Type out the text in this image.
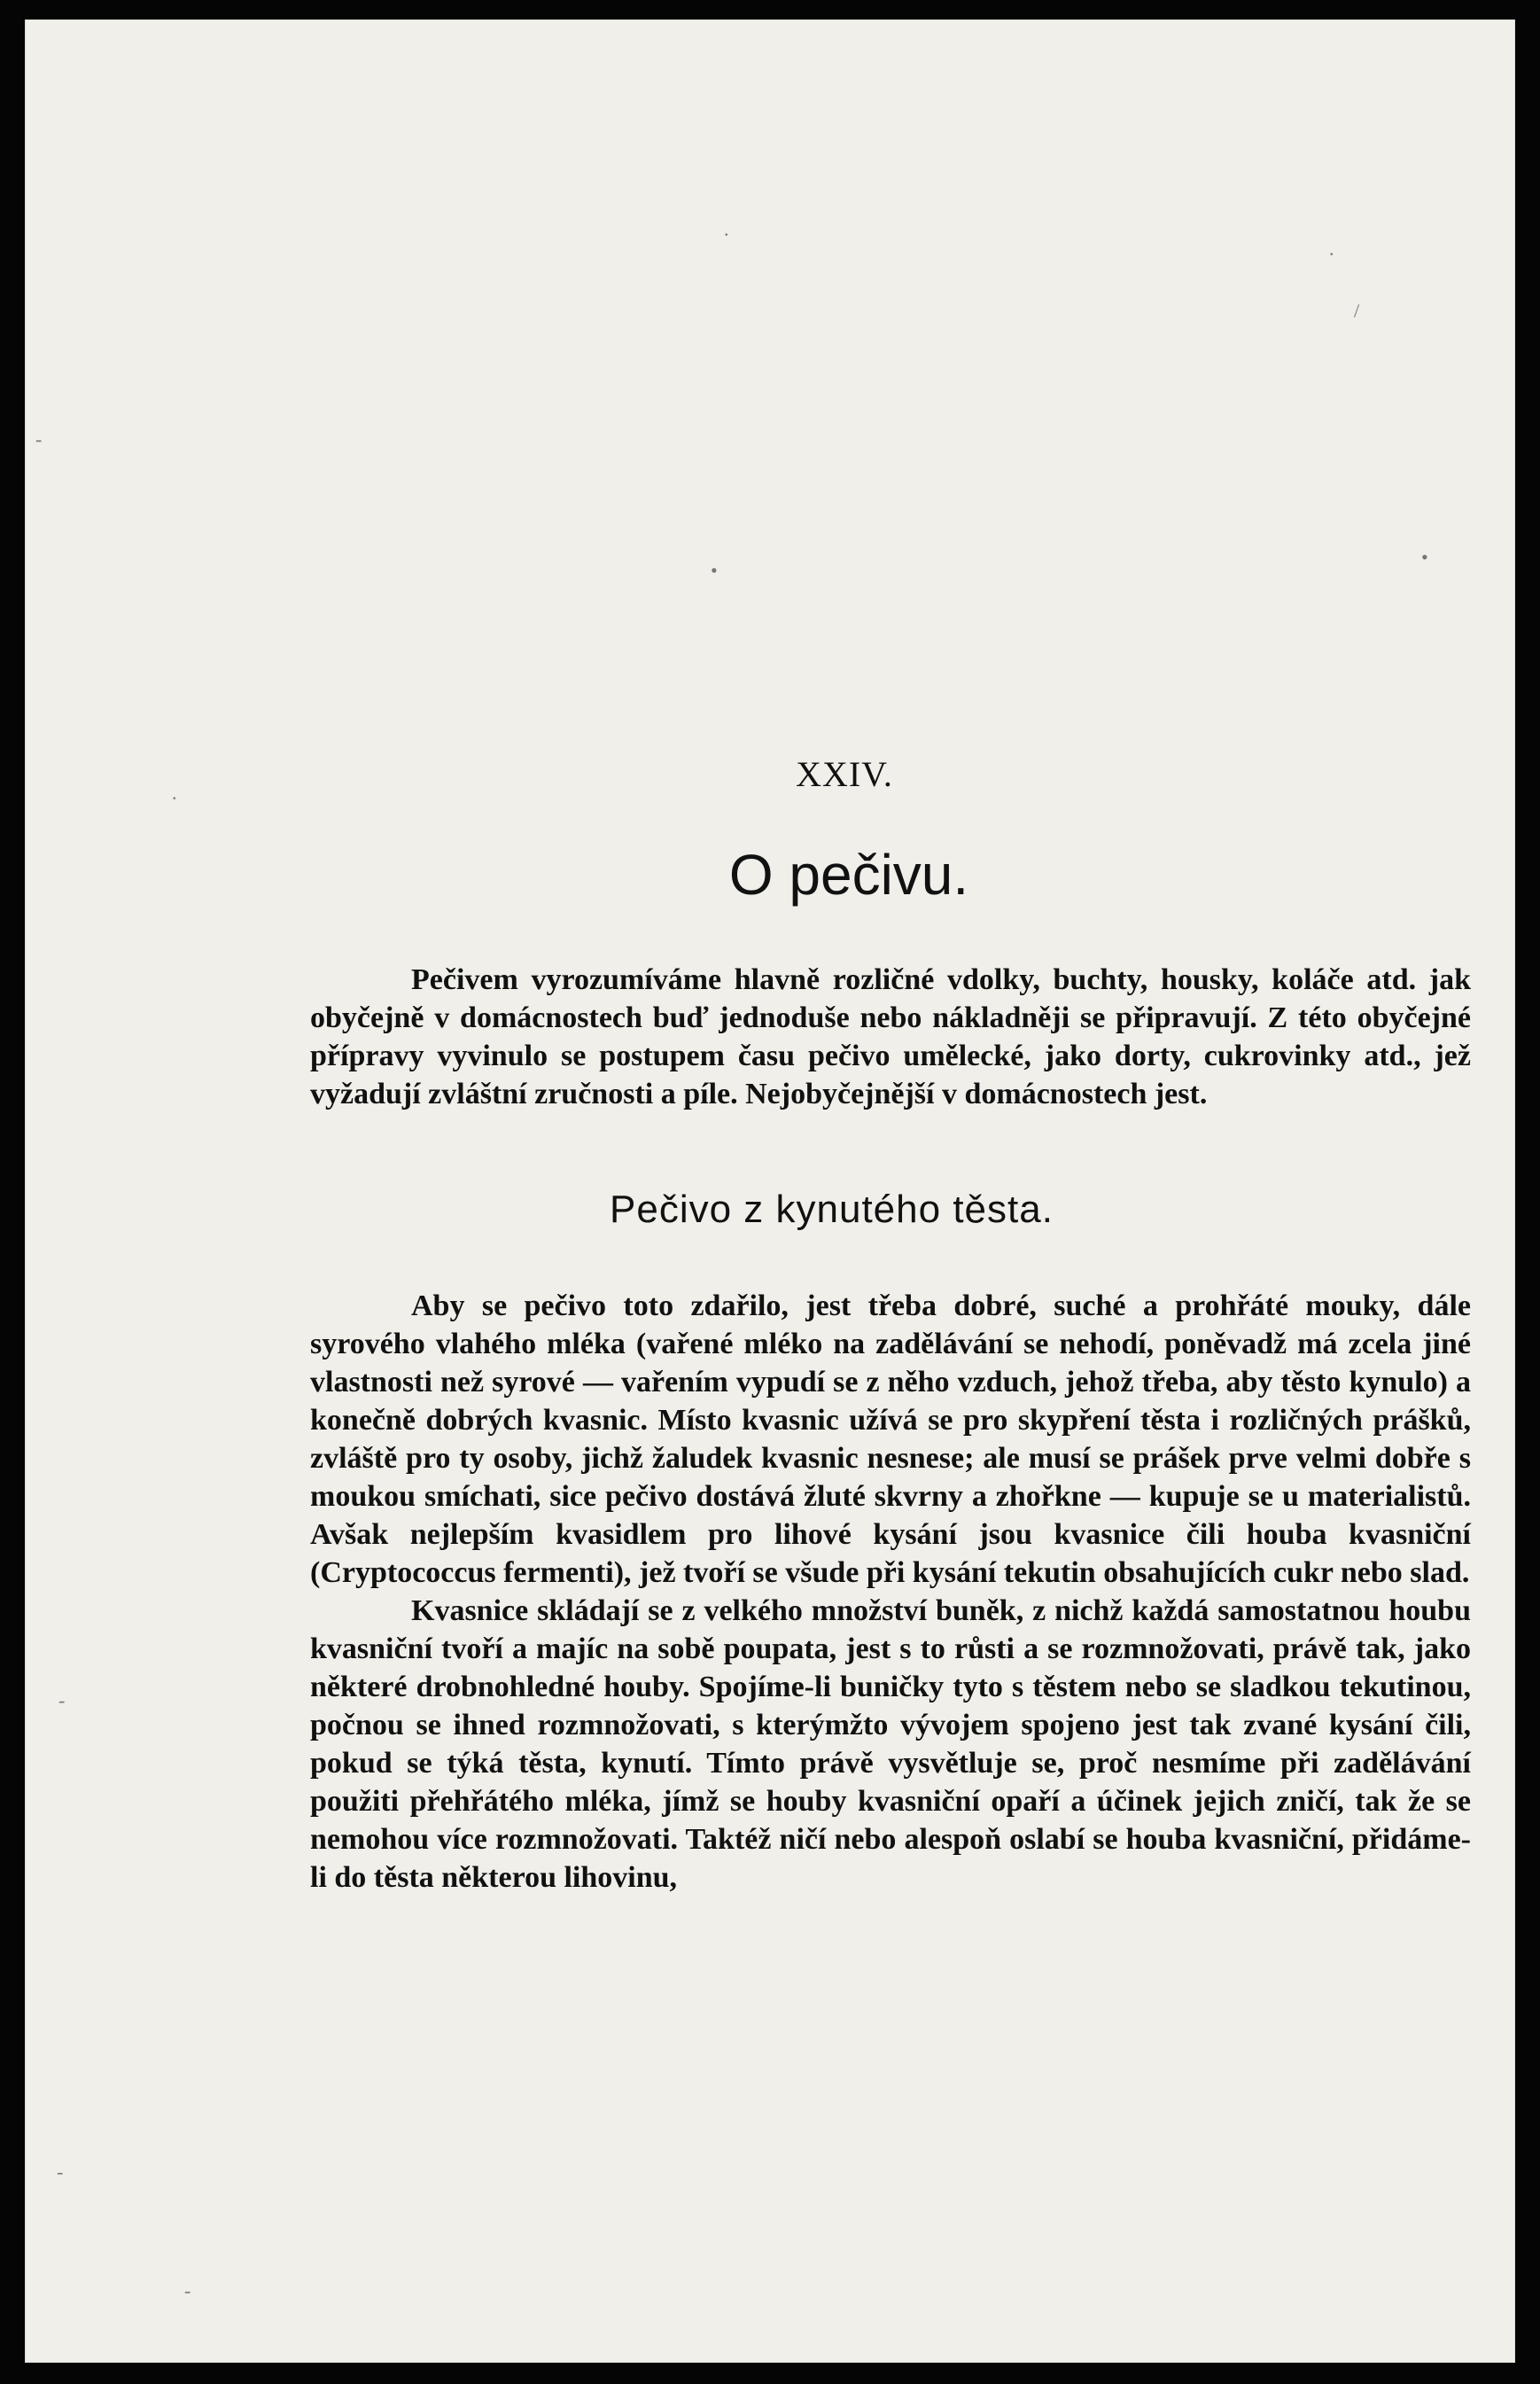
XXIV.
O pečivu.

Pečivem vyrozumíváme hlavně rozličné vdolky, buchty, housky, koláče atd. jak obyčejně v domácnostech buď jednoduše nebo nákladněji se připravují. Z této obyčejné přípravy vyvinulo se postupem času pečivo umělecké, jako dorty, cukrovinky atd., jež vyžadují zvláštní zručnosti a píle. Nejobyčejnější v domácnostech jest.

Pečivo z kynutého těsta.

Aby se pečivo toto zdařilo, jest třeba dobré, suché a prohřáté mouky, dále syrového vlahého mléka (vařené mléko na zadělávání se nehodí, poněvadž má zcela jiné vlastnosti než syrové — vařením vypudí se z něho vzduch, jehož třeba, aby těsto kynulo) a konečně dobrých kvasnic. Místo kvasnic užívá se pro skypření těsta i rozličných prášků, zvláště pro ty osoby, jichž žaludek kvasnic nesnese; ale musí se prášek prve velmi dobře s moukou smíchati, sice pečivo dostává žluté skvrny a zhořkne — kupuje se u materialistů. Avšak nejlepším kvasidlem pro lihové kysání jsou kvasnice čili houba kvasniční (Cryptococcus fermenti), jež tvoří se všude při kysání tekutin obsahujících cukr nebo slad.

Kvasnice skládají se z velkého množství buněk, z nichž každá samostatnou houbu kvasniční tvoří a majíc na sobě poupata, jest s to růsti a se rozmnožovati, právě tak, jako některé drobnohledné houby. Spojíme-li buničky tyto s těstem nebo se sladkou tekutinou, počnou se ihned rozmnožovati, s kterýmžto vývojem spojeno jest tak zvané kysání čili, pokud se týká těsta, kynutí. Tímto právě vysvětluje se, proč nesmíme při zadělávání použiti přehřátého mléka, jímž se houby kvasniční opaří a účinek jejich zničí, tak že se nemohou více rozmnožovati. Taktéž ničí nebo alespoň oslabí se houba kvasniční, přidáme-li do těsta některou lihovinu,

.
.
/
-
•
•
.
-
-
‑
